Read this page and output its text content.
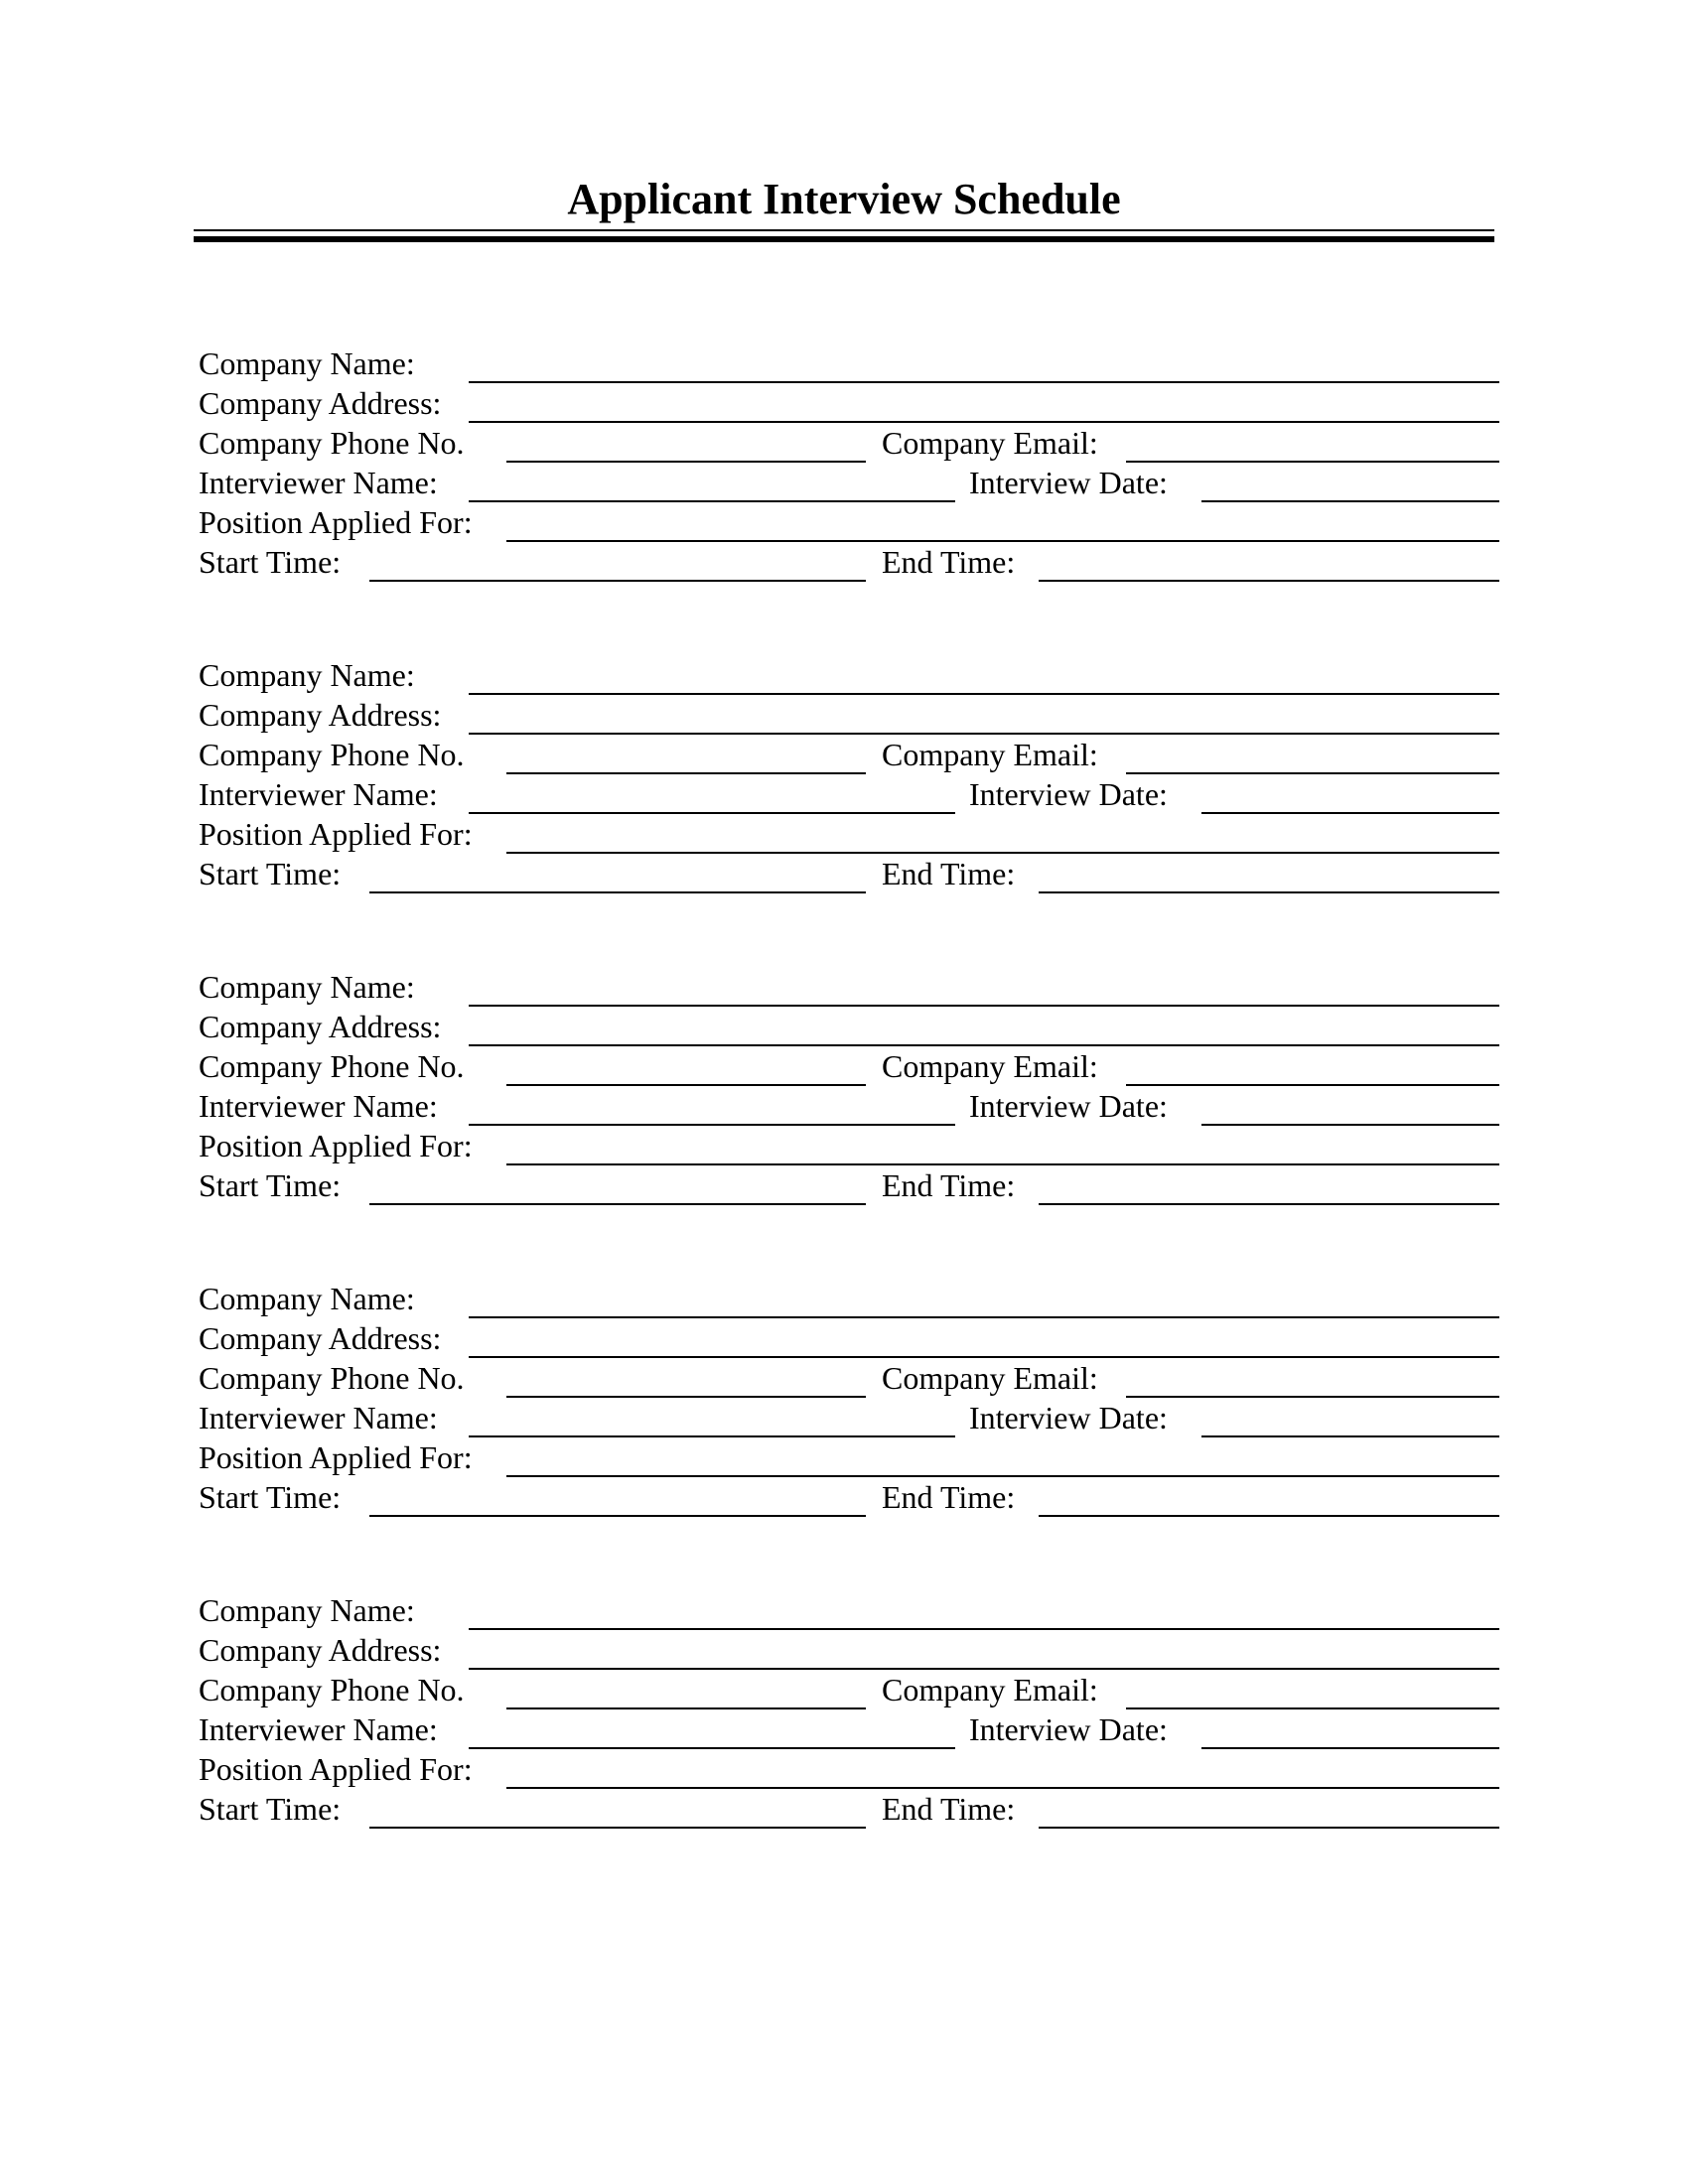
Applicant Interview Schedule
Company Name:
Company Address:
Company Phone No.	Company Email:
Interviewer Name:	Interview Date:
Position Applied For:
Start Time:	End Time:
Company Name:
Company Address:
Company Phone No.	Company Email:
Interviewer Name:	Interview Date:
Position Applied For:
Start Time:	End Time:
Company Name:
Company Address:
Company Phone No.	Company Email:
Interviewer Name:	Interview Date:
Position Applied For:
Start Time:	End Time:
Company Name:
Company Address:
Company Phone No.	Company Email:
Interviewer Name:	Interview Date:
Position Applied For:
Start Time:	End Time:
Company Name:
Company Address:
Company Phone No.	Company Email:
Interviewer Name:	Interview Date:
Position Applied For:
Start Time:	End Time:
